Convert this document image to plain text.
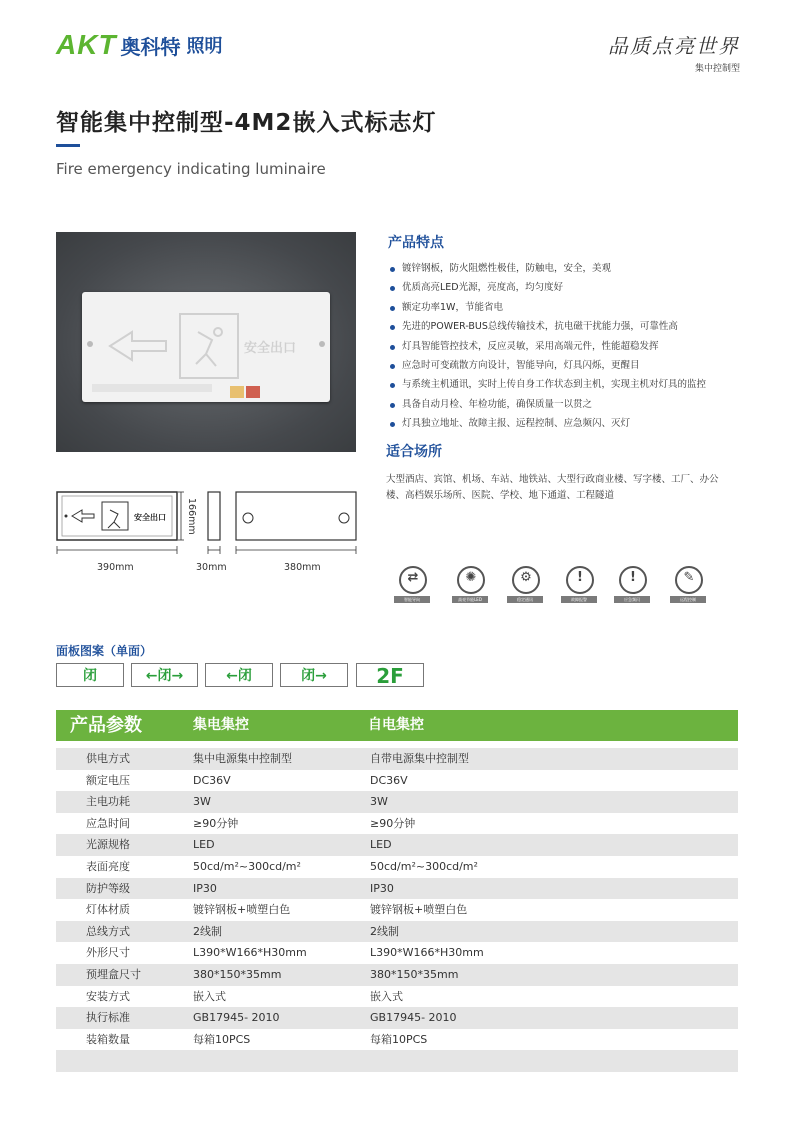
AKT 奥科特 照明	品质点亮世界
集中控制型
智能集中控制型-4M2嵌入式标志灯
Fire emergency indicating luminaire
安全出口
产品特点
镀锌钢板，防火阻燃性极佳，防触电，安全，美观
优质高亮LED光源，亮度高，均匀度好
额定功率1W，节能省电
先进的POWER-BUS总线传输技术，抗电磁干扰能力强，可靠性高
灯具智能管控技术，反应灵敏，采用高端元件，性能超稳发挥
应急时可变疏散方向设计，智能导向，灯具闪烁，更醒目
与系统主机通讯，实时上传自身工作状态到主机，实现主机对灯具的监控
具备自动月检、年检功能，确保质量一以贯之
灯具独立地址、故障主报、远程控制、应急频闪、灭灯
适合场所
大型酒店、宾馆、机场、车站、地铁站、大型行政商业楼、写字楼、工厂、办公楼、高档娱乐场所、医院、学校、地下通道、工程隧道
安全出口
390mm	30mm	380mm
166mm
⇄
智能导向
✺
高亮节能LED
⚙
稳定通讯
!
故障报警
!
应急频闪
✎
远程控制
面板图案（单面）
闭	←闭→	←闭	闭→	2F
产品参数	集电集控	自电集控
供电方式	集中电源集中控制型	自带电源集中控制型
额定电压	DC36V	DC36V
主电功耗	3W	3W
应急时间	≥90分钟	≥90分钟
光源规格	LED	LED
表面亮度	50cd/m²~300cd/m²	50cd/m²~300cd/m²
防护等级	IP30	IP30
灯体材质	镀锌钢板+喷塑白色	镀锌钢板+喷塑白色
总线方式	2线制	2线制
外形尺寸	L390*W166*H30mm	L390*W166*H30mm
预埋盒尺寸	380*150*35mm	380*150*35mm
安装方式	嵌入式	嵌入式
执行标准	GB17945- 2010	GB17945- 2010
装箱数量	每箱10PCS	每箱10PCS
